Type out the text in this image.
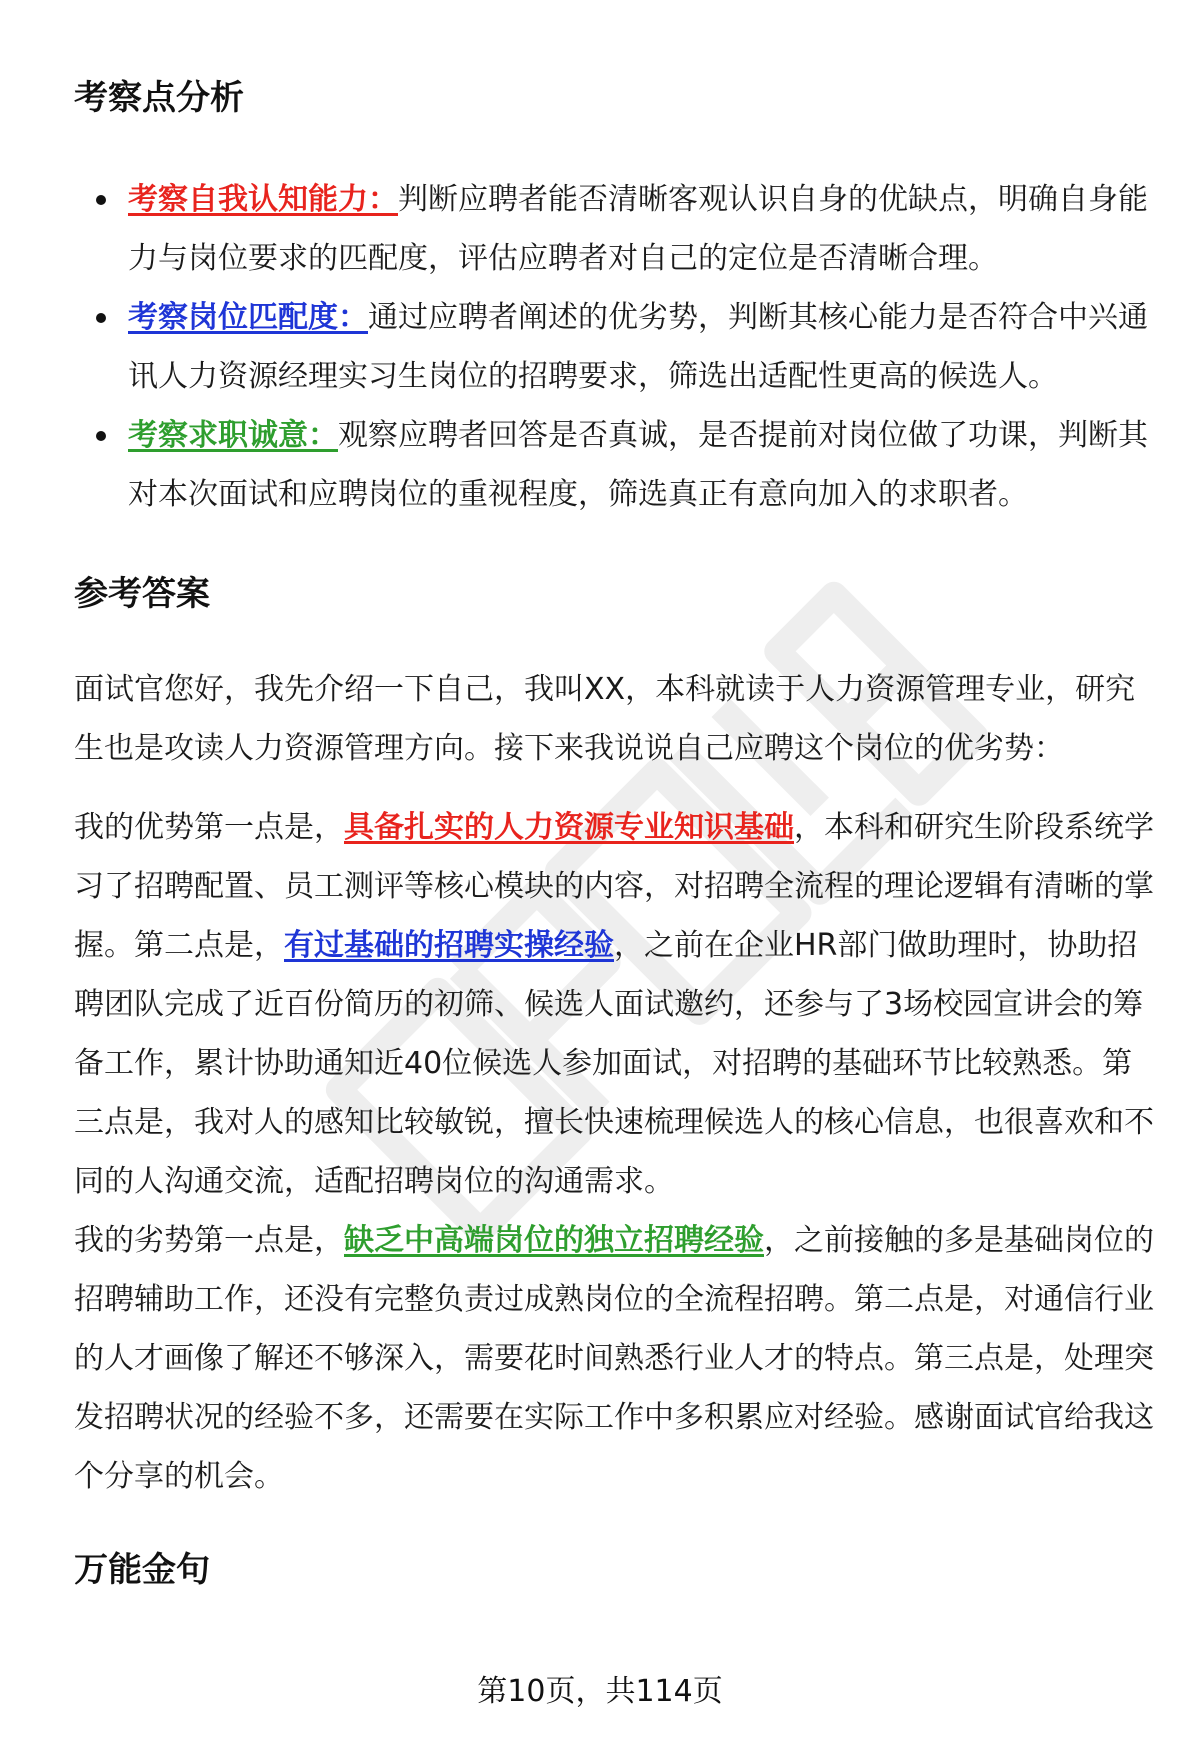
考察点分析
考察自我认知能力：判断应聘者能否清晰客观认识自身的优缺点，明确自身能力与岗位要求的匹配度，评估应聘者对自己的定位是否清晰合理。
考察岗位匹配度：通过应聘者阐述的优劣势，判断其核心能力是否符合中兴通讯人力资源经理实习生岗位的招聘要求，筛选出适配性更高的候选人。
考察求职诚意：观察应聘者回答是否真诚，是否提前对岗位做了功课，判断其对本次面试和应聘岗位的重视程度，筛选真正有意向加入的求职者。
参考答案

面试官您好，我先介绍一下自己，我叫XX，本科就读于人力资源管理专业，研究生也是攻读人力资源管理方向。接下来我说说自己应聘这个岗位的优劣势：

我的优势第一点是，具备扎实的人力资源专业知识基础，本科和研究生阶段系统学习了招聘配置、员工测评等核心模块的内容，对招聘全流程的理论逻辑有清晰的掌握。第二点是，有过基础的招聘实操经验，之前在企业HR部门做助理时，协助招聘团队完成了近百份简历的初筛、候选人面试邀约，还参与了3场校园宣讲会的筹备工作，累计协助通知近40位候选人参加面试，对招聘的基础环节比较熟悉。第三点是，我对人的感知比较敏锐，擅长快速梳理候选人的核心信息，也很喜欢和不同的人沟通交流，适配招聘岗位的沟通需求。

我的劣势第一点是，缺乏中高端岗位的独立招聘经验，之前接触的多是基础岗位的招聘辅助工作，还没有完整负责过成熟岗位的全流程招聘。第二点是，对通信行业的人才画像了解还不够深入，需要花时间熟悉行业人才的特点。第三点是，处理突发招聘状况的经验不多，还需要在实际工作中多积累应对经验。感谢面试官给我这个分享的机会。

万能金句
第10页，共114页
